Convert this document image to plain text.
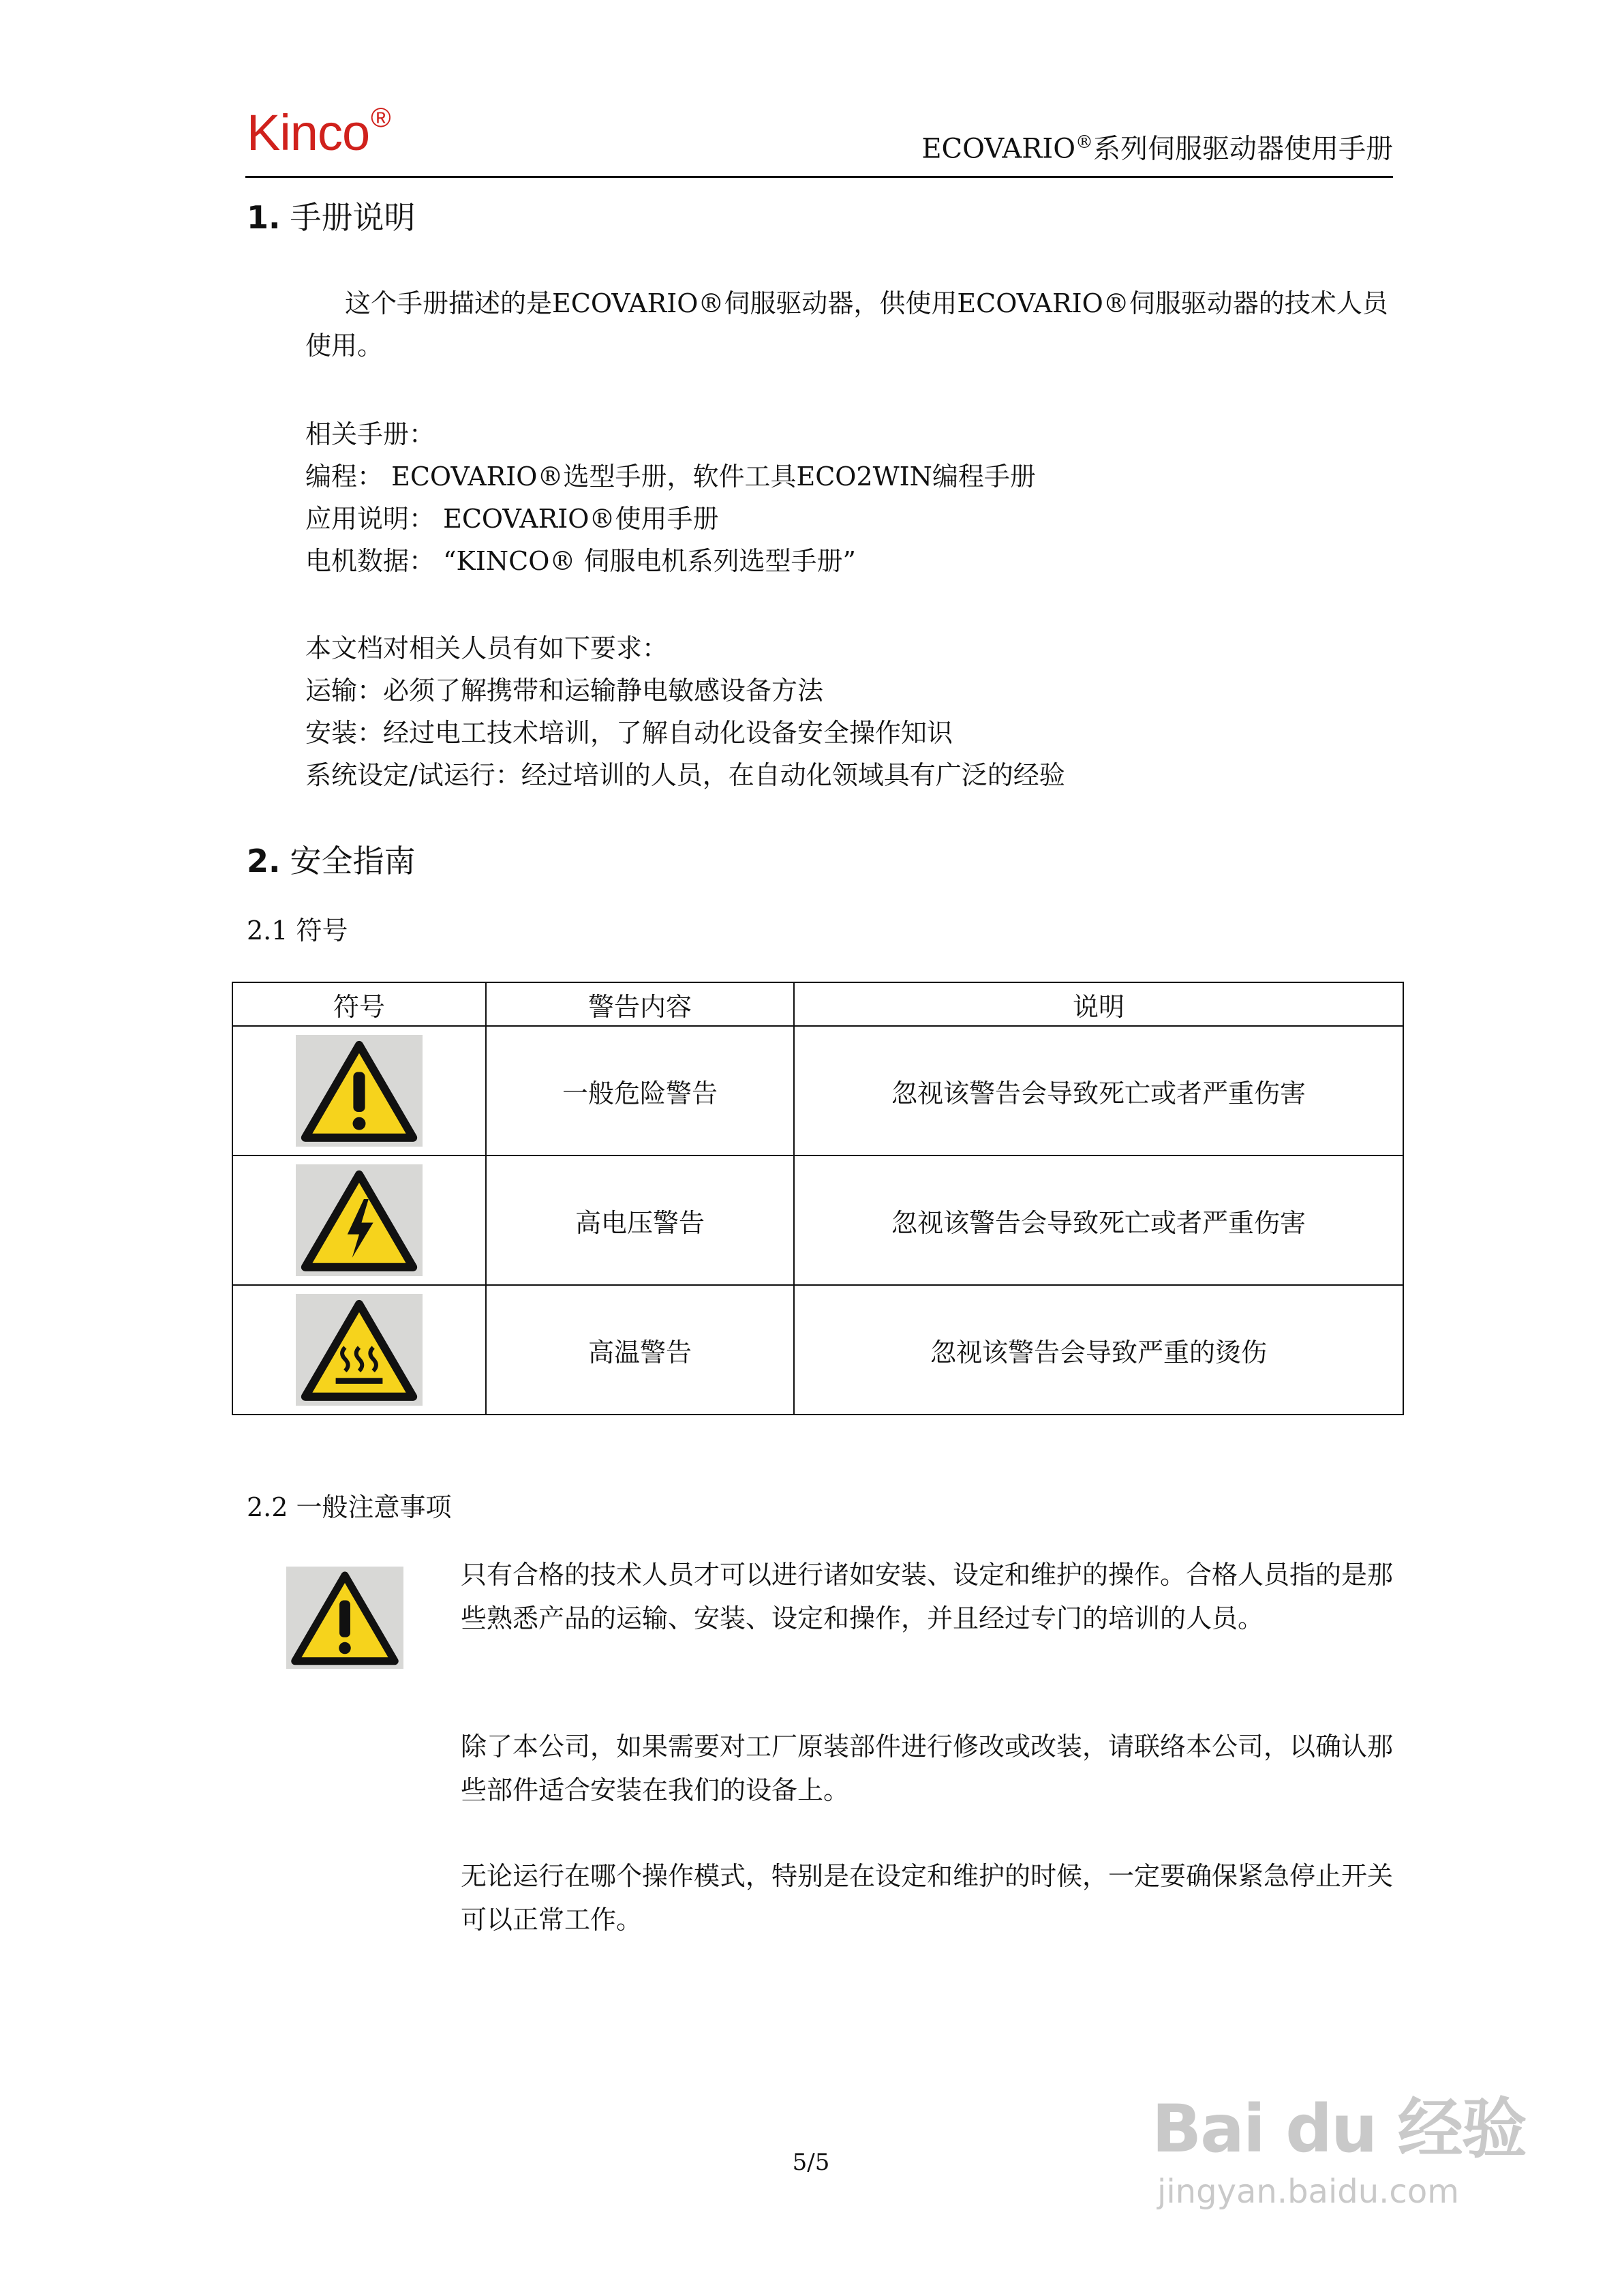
Kinco®
ECOVARIO®系列伺服驱动器使用手册
1. 手册说明
这个手册描述的是ECOVARIO®伺服驱动器，供使用ECOVARIO®伺服驱动器的技术人员
使用。
相关手册：
编程： ECOVARIO®选型手册，软件工具ECO2WIN编程手册
应用说明： ECOVARIO®使用手册
电机数据： “KINCO® 伺服电机系列选型手册”
本文档对相关人员有如下要求：
运输：必须了解携带和运输静电敏感设备方法
安装：经过电工技术培训，了解自动化设备安全操作知识
系统设定/试运行：经过培训的人员，在自动化领域具有广泛的经验
2. 安全指南
2.1 符号
符号	警告内容	说明

	一般危险警告	忽视该警告会导致死亡或者严重伤害

	高电压警告	忽视该警告会导致死亡或者严重伤害

	高温警告	忽视该警告会导致严重的烫伤
2.2 一般注意事项
只有合格的技术人员才可以进行诸如安装、设定和维护的操作。合格人员指的是那些熟悉产品的运输、安装、设定和操作，并且经过专门的培训的人员。
除了本公司，如果需要对工厂原装部件进行修改或改装，请联络本公司，以确认那些部件适合安装在我们的设备上。
无论运行在哪个操作模式，特别是在设定和维护的时候，一定要确保紧急停止开关可以正常工作。
5/5	Bai du 经验
jingyan.baidu.com
